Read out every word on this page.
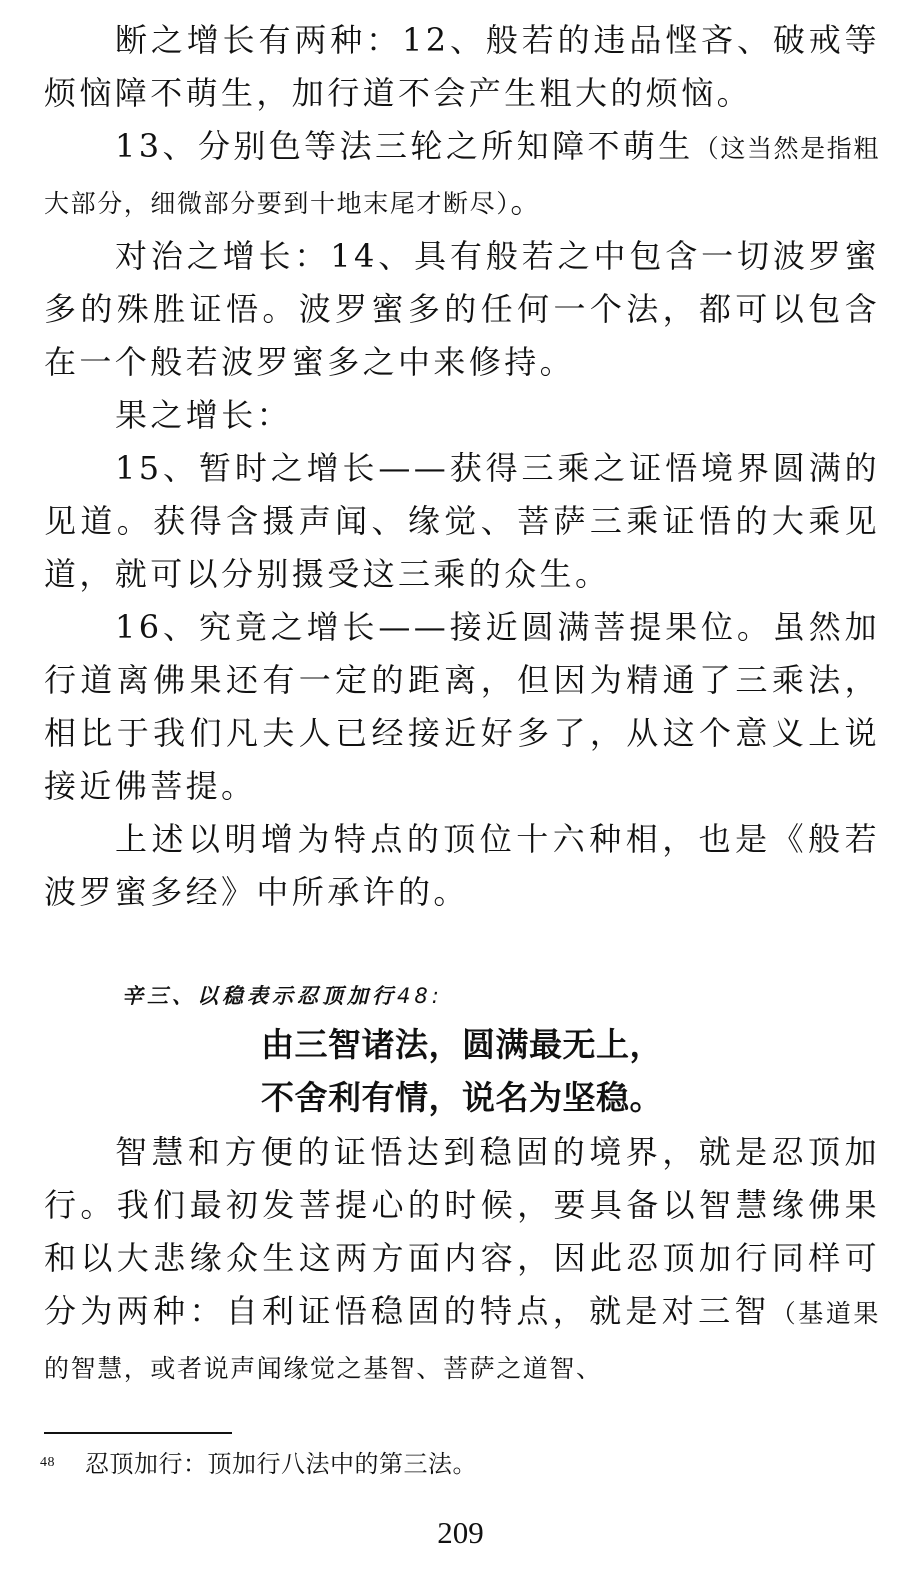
断之增长有两种：12、般若的违品悭吝、破戒等烦恼障不萌生，加行道不会产生粗大的烦恼。

13、分别色等法三轮之所知障不萌生（这当然是指粗大部分，细微部分要到十地末尾才断尽）。

对治之增长：14、具有般若之中包含一切波罗蜜多的殊胜证悟。波罗蜜多的任何一个法，都可以包含在一个般若波罗蜜多之中来修持。

果之增长：

15、暂时之增长——获得三乘之证悟境界圆满的见道。获得含摄声闻、缘觉、菩萨三乘证悟的大乘见道，就可以分别摄受这三乘的众生。

16、究竟之增长——接近圆满菩提果位。虽然加行道离佛果还有一定的距离，但因为精通了三乘法，相比于我们凡夫人已经接近好多了，从这个意义上说接近佛菩提。

上述以明增为特点的顶位十六种相，也是《般若波罗蜜多经》中所承许的。

辛三、以稳表示忍顶加行48:

由三智诸法，圆满最无上，

不舍利有情，说名为坚稳。

智慧和方便的证悟达到稳固的境界，就是忍顶加行。我们最初发菩提心的时候，要具备以智慧缘佛果和以大悲缘众生这两方面内容，因此忍顶加行同样可分为两种：自利证悟稳固的特点，就是对三智（基道果的智慧，或者说声闻缘觉之基智、菩萨之道智、

$^{48}$ 忍顶加行：顶加行八法中的第三法。
209
